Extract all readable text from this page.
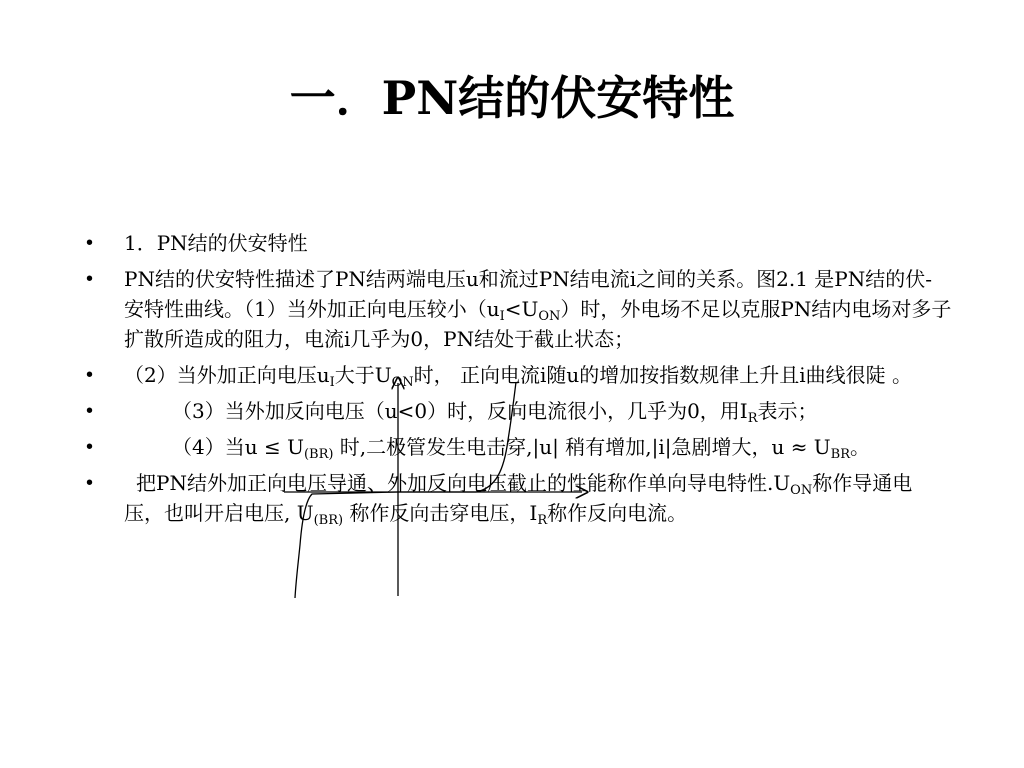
一．PN结的伏安特性
• 1．PN结的伏安特性
• PN结的伏安特性描述了PN结两端电压u和流过PN结电流i之间的关系。图2.1 是PN结的伏-安特性曲线。（1）当外加正向电压较小$(u_I<U_{ON})$时，外电场不足以克服PN结内电场对多子扩散所造成的阻力，电流i几乎为0，PN结处于截止状态；
• （2）当外加正向电压$u_I$大于$U_{ON}$时， 正向电流i随u的增加按指数规律上升且i曲线很陡 。
•	（3）当外加反向电压（u<0）时，反向电流很小，几乎为0，用$I_R$表示；
•	（4）当$u \le U_{(BR)}$ 时,二极管发生电击穿,|u| 稍有增加,|i|急剧增大，$u \approx U_{BR}$。
• 把PN结外加正向电压导通、外加反向电压截止的性能称作单向导电特性$.U_{ON}$称作导通电压，也叫开启电压, $U_{(BR)}$ 称作反向击穿电压，$I_R$称作反向电流。
